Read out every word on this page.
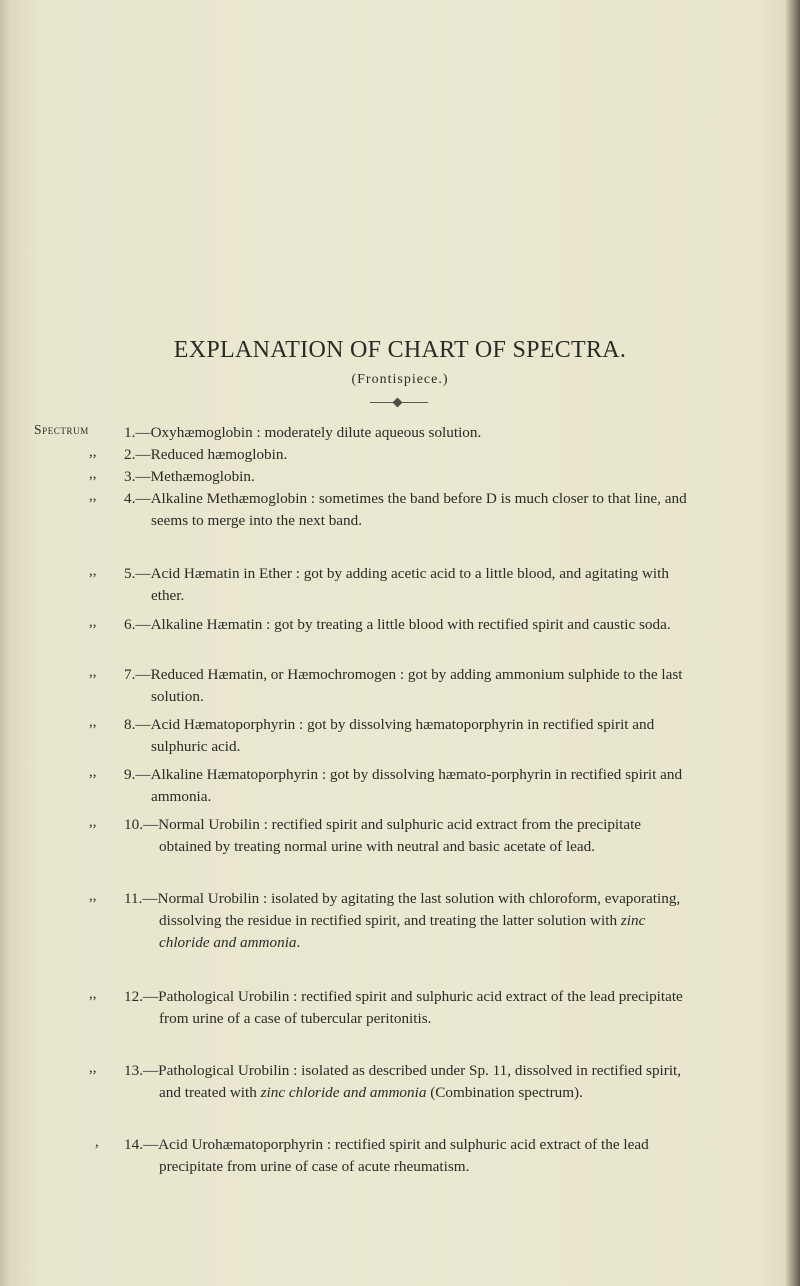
EXPLANATION OF CHART OF SPECTRA.
(Frontispiece.)
Spectrum	1.—Oxyhæmoglobin : moderately dilute aqueous solution.
,, 2.—Reduced hæmoglobin.
,, 3.—Methæmoglobin.
,, 4.—Alkaline Methæmoglobin : sometimes the band before D is much closer to that line, and seems to merge into the next band.
,, 5.—Acid Hæmatin in Ether : got by adding acetic acid to a little blood, and agitating with ether.
,, 6.—Alkaline Hæmatin : got by treating a little blood with rectified spirit and caustic soda.
,, 7.—Reduced Hæmatin, or Hæmochromogen : got by adding ammonium sulphide to the last solution.
,, 8.—Acid Hæmatoporphyrin : got by dissolving hæmatoporphyrin in rectified spirit and sulphuric acid.
,, 9.—Alkaline Hæmatoporphyrin : got by dissolving hæmato-porphyrin in rectified spirit and ammonia.
,, 10.—Normal Urobilin : rectified spirit and sulphuric acid extract from the precipitate obtained by treating normal urine with neutral and basic acetate of lead.
,, 11.—Normal Urobilin : isolated by agitating the last solution with chloroform, evaporating, dissolving the residue in rectified spirit, and treating the latter solution with zinc chloride and ammonia.
,, 12.—Pathological Urobilin : rectified spirit and sulphuric acid extract of the lead precipitate from urine of a case of tubercular peritonitis.
,, 13.—Pathological Urobilin : isolated as described under Sp. 11, dissolved in rectified spirit, and treated with zinc chloride and ammonia (Combination spectrum).
, 14.—Acid Urohæmatoporphyrin : rectified spirit and sulphuric acid extract of the lead precipitate from urine of case of acute rheumatism.
